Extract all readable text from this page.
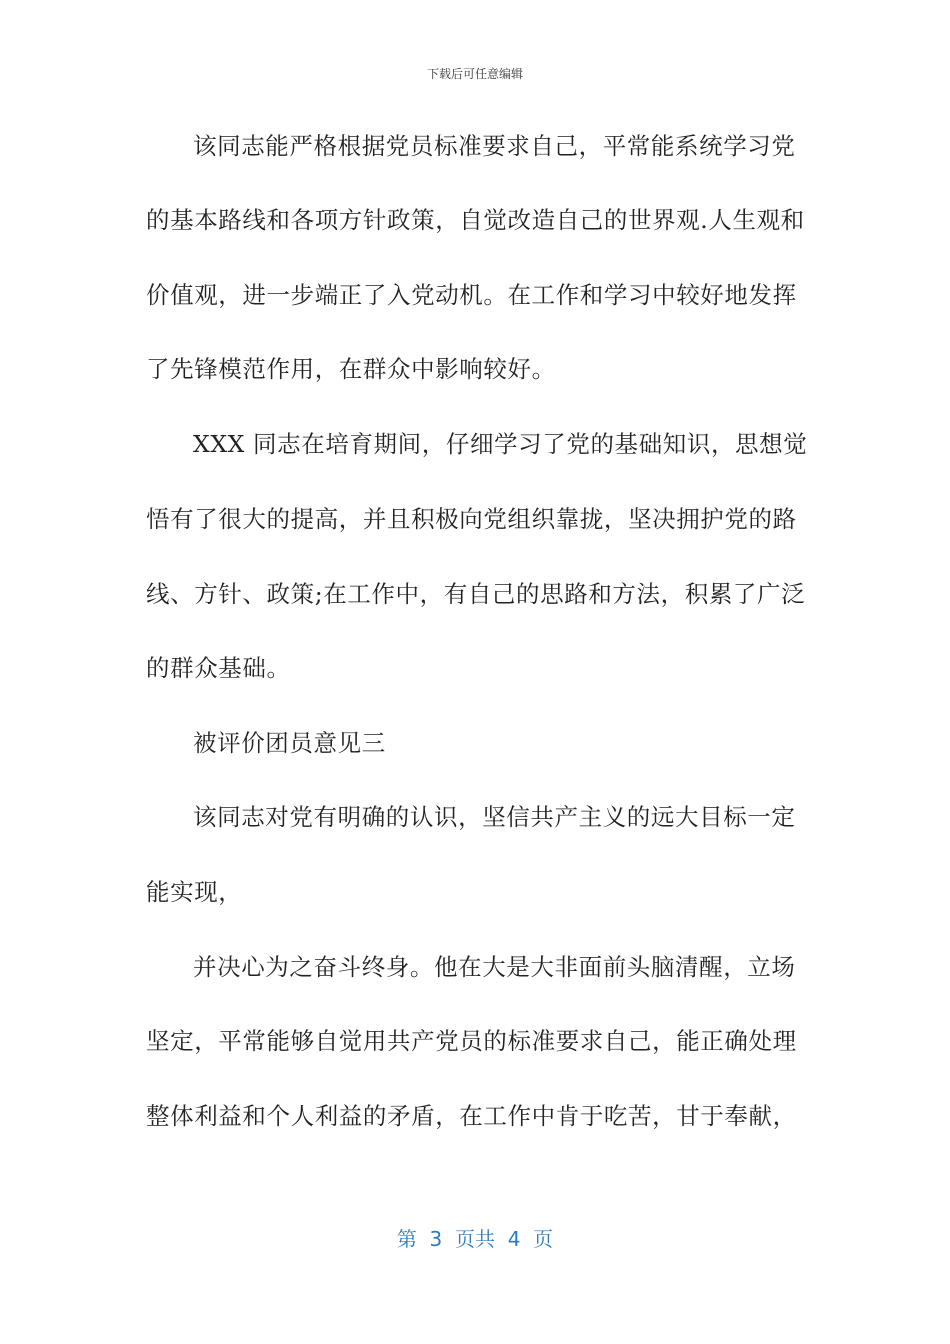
下载后可任意编辑
该同志能严格根据党员标准要求自己，平常能系统学习党
的基本路线和各项方针政策，自觉改造自己的世界观.人生观和
价值观，进一步端正了入党动机。在工作和学习中较好地发挥
了先锋模范作用，在群众中影响较好。
XXX 同志在培育期间，仔细学习了党的基础知识，思想觉
悟有了很大的提高，并且积极向党组织靠拢，坚决拥护党的路
线、方针、政策;在工作中，有自己的思路和方法，积累了广泛
的群众基础。
被评价团员意见三
该同志对党有明确的认识，坚信共产主义的远大目标一定
能实现，
并决心为之奋斗终身。他在大是大非面前头脑清醒，立场
坚定，平常能够自觉用共产党员的标准要求自己，能正确处理
整体利益和个人利益的矛盾，在工作中肯于吃苦，甘于奉献，
第  3  页共  4  页
